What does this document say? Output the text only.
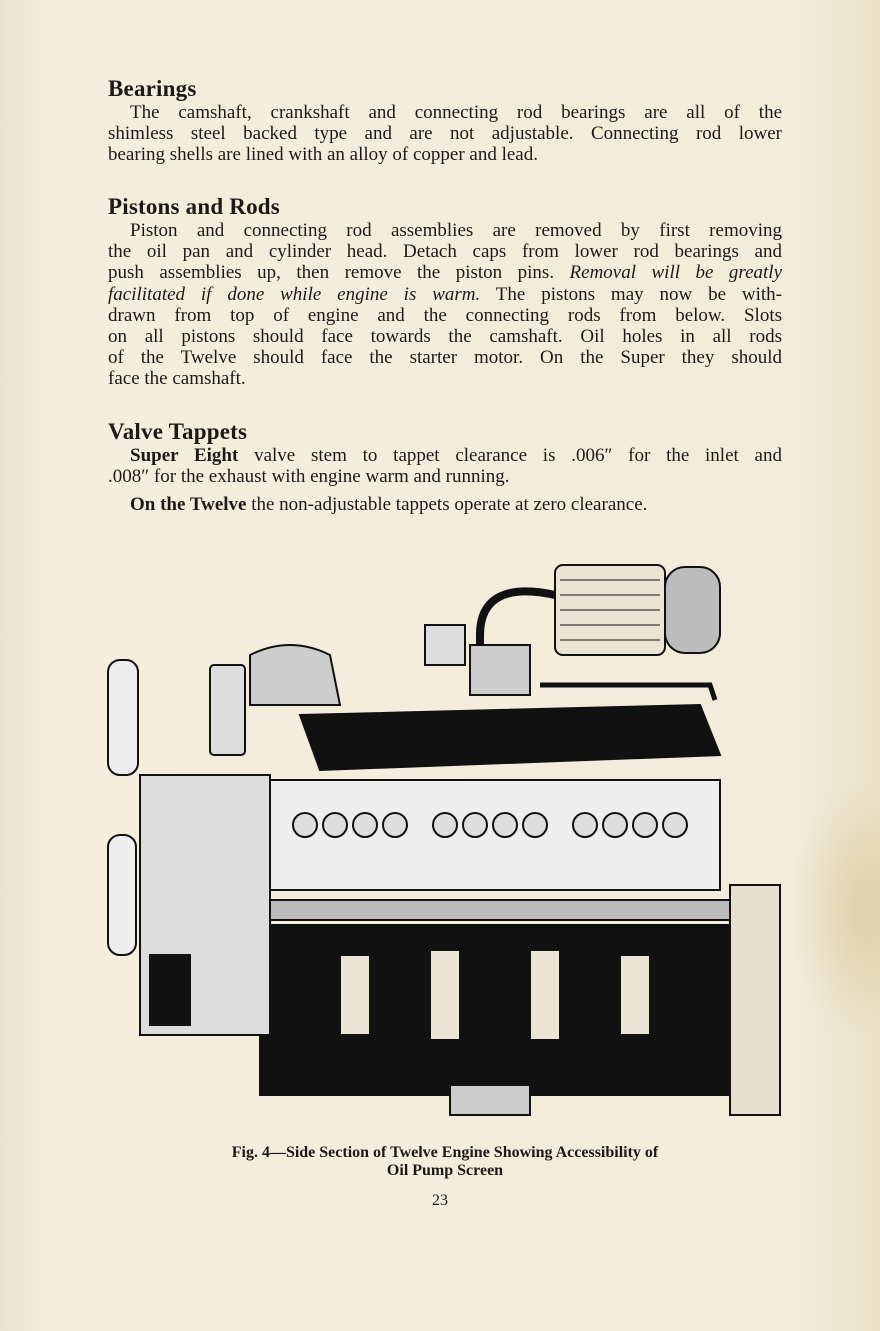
Bearings
The camshaft, crankshaft and connecting rod bearings are all of the
shimless steel backed type and are not adjustable. Connecting rod lower
bearing shells are lined with an alloy of copper and lead.
Pistons and Rods
Piston and connecting rod assemblies are removed by first removing
the oil pan and cylinder head. Detach caps from lower rod bearings and
push assemblies up, then remove the piston pins. Removal will be greatly
facilitated if done while engine is warm. The pistons may now be with-
drawn from top of engine and the connecting rods from below. Slots
on all pistons should face towards the camshaft. Oil holes in all rods
of the Twelve should face the starter motor. On the Super they should
face the camshaft.
Valve Tappets
Super Eight valve stem to tappet clearance is .006″ for the inlet and
.008″ for the exhaust with engine warm and running.
On the Twelve the non-adjustable tappets operate at zero clearance.
Fig. 4—Side Section of Twelve Engine Showing Accessibility of
Oil Pump Screen
23
